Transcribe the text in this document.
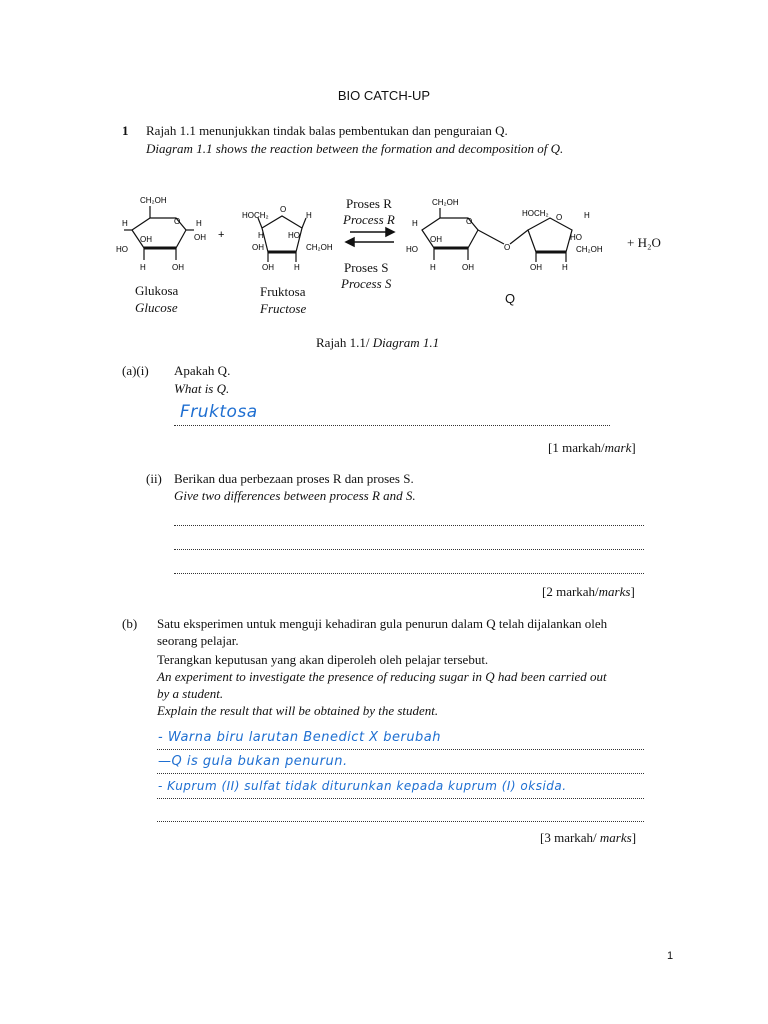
BIO CATCH-UP
1 Rajah 1.1 menunjukkan tindak balas pembentukan dan penguraian Q.
Diagram 1.1 shows the reaction between the formation and decomposition of Q.
CH₂OH
O
H	H
OH	OH
HO
H	OH
+
HOCH₂
O
H
H	HO
OH	CH₂OH
OH	H
CH₂OH
O
H
OH
HO
H	OH
O
HOCH₂ O	H
HO
CH₂OH
OH	H
Proses R
Process R
Proses S
Process S
+ H₂O
Glukosa
Glucose
Fruktosa
Fructose
Q
Rajah 1.1/ Diagram 1.1
(a)(i) Apakah Q.
What is Q.
Fruktosa
[1 markah/mark]
(ii) Berikan dua perbezaan proses R dan proses S.
Give two differences between process R and S.
[2 markah/marks]
(b) Satu eksperimen untuk menguji kehadiran gula penurun dalam Q telah dijalankan oleh
seorang pelajar.
Terangkan keputusan yang akan diperoleh oleh pelajar tersebut.
An experiment to investigate the presence of reducing sugar in Q had been carried out
by a student.
Explain the result that will be obtained by the student.
- Warna biru larutan Benedict X berubah
—Q is gula bukan penurun.
- Kuprum (II) sulfat tidak diturunkan kepada kuprum (I) oksida.
[3 markah/ marks]
1
